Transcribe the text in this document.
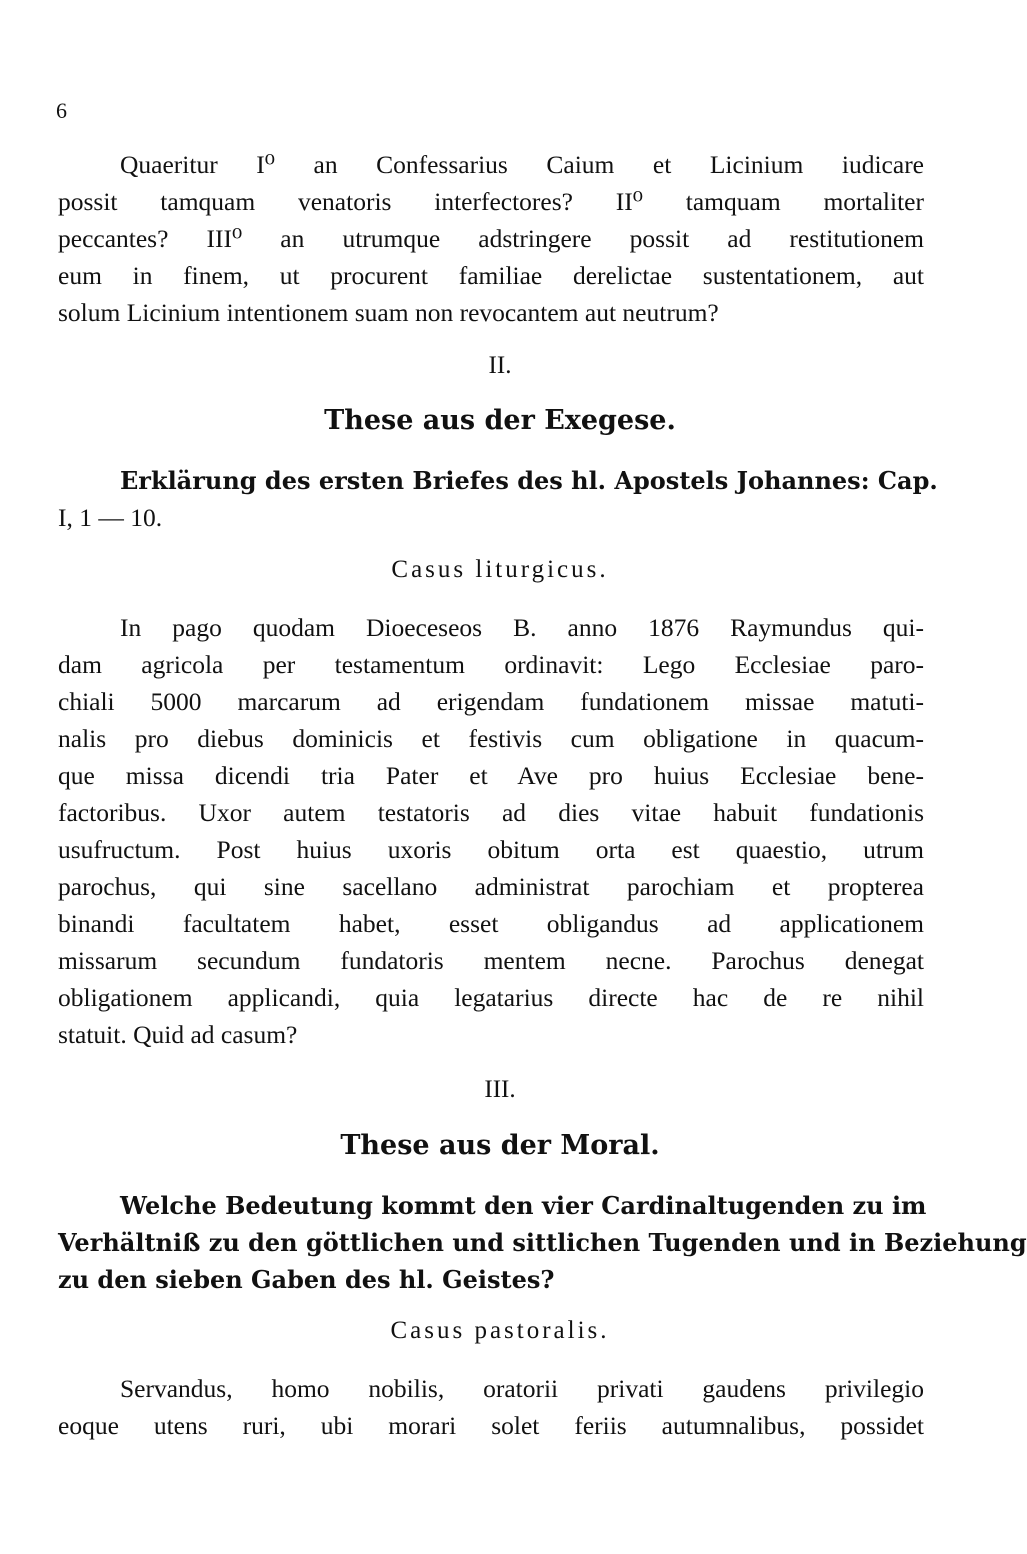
6
Quaeritur I⁰ an Confessarius Caium et Licinium iudicare
possit tamquam venatoris interfectores? II⁰ tamquam mortaliter
peccantes? III⁰ an utrumque adstringere possit ad restitutionem
eum in finem, ut procurent familiae derelictae sustentationem, aut
solum Licinium intentionem suam non revocantem aut neutrum?
II.
These aus der Exegese.
Erklärung des ersten Briefes des hl. Apostels Johannes: Cap.
I, 1 — 10.
Casus liturgicus.
In pago quodam Dioeceseos B. anno 1876 Raymundus qui-
dam agricola per testamentum ordinavit: Lego Ecclesiae paro-
chiali 5000 marcarum ad erigendam fundationem missae matuti-
nalis pro diebus dominicis et festivis cum obligatione in quacum-
que missa dicendi tria Pater et Ave pro huius Ecclesiae bene-
factoribus. Uxor autem testatoris ad dies vitae habuit fundationis
usufructum. Post huius uxoris obitum orta est quaestio, utrum
parochus, qui sine sacellano administrat parochiam et propterea
binandi facultatem habet, esset obligandus ad applicationem
missarum secundum fundatoris mentem necne. Parochus denegat
obligationem applicandi, quia legatarius directe hac de re nihil
statuit. Quid ad casum?
III.
These aus der Moral.
Welche Bedeutung kommt den vier Cardinaltugenden zu im
Verhältniß zu den göttlichen und sittlichen Tugenden und in Beziehung
zu den sieben Gaben des hl. Geistes?
Casus pastoralis.
Servandus, homo nobilis, oratorii privati gaudens privilegio
eoque utens ruri, ubi morari solet feriis autumnalibus, possidet
